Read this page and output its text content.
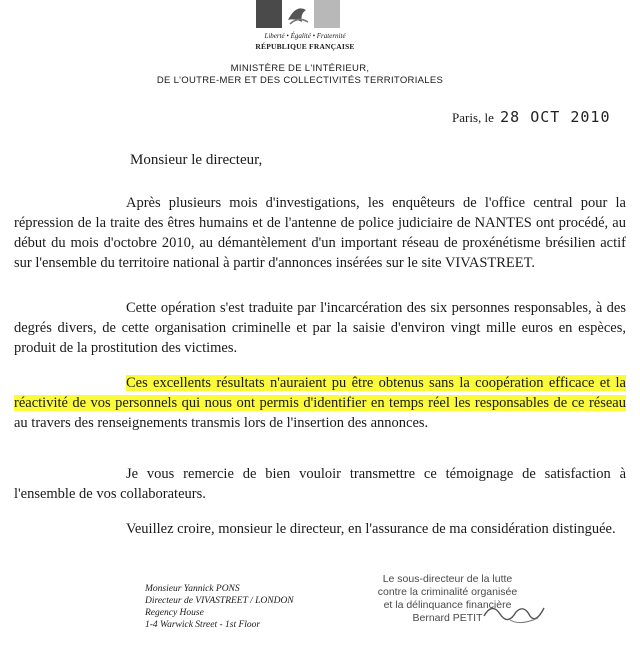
Liberté • Égalité • Fraternité
RÉPUBLIQUE FRANÇAISE
MINISTÈRE DE L'INTÉRIEUR,
DE L'OUTRE-MER ET DES COLLECTIVITÉS TERRITORIALES
Paris, le 28 OCT 2010
Monsieur le directeur,

Après plusieurs mois d'investigations, les enquêteurs de l'office central pour la répression de la traite des êtres humains et de l'antenne de police judiciaire de NANTES ont procédé, au début du mois d'octobre 2010, au démantèlement d'un important réseau de proxénétisme brésilien actif sur l'ensemble du territoire national à partir d'annonces insérées sur le site VIVASTREET.

Cette opération s'est traduite par l'incarcération des six personnes responsables, à des degrés divers, de cette organisation criminelle et par la saisie d'environ vingt mille euros en espèces, produit de la prostitution des victimes.

Ces excellents résultats n'auraient pu être obtenus sans la coopération efficace et la réactivité de vos personnels qui nous ont permis d'identifier en temps réel les responsables de ce réseau au travers des renseignements transmis lors de l'insertion des annonces.

Je vous remercie de bien vouloir transmettre ce témoignage de satisfaction à l'ensemble de vos collaborateurs.

Veuillez croire, monsieur le directeur, en l'assurance de ma considération distinguée.

Monsieur Yannick PONS
Directeur de VIVASTREET / LONDON
Regency House
1-4 Warwick Street - 1st Floor
Le sous-directeur de la lutte
contre la criminalité organisée
et la délinquance financière
Bernard PETIT
